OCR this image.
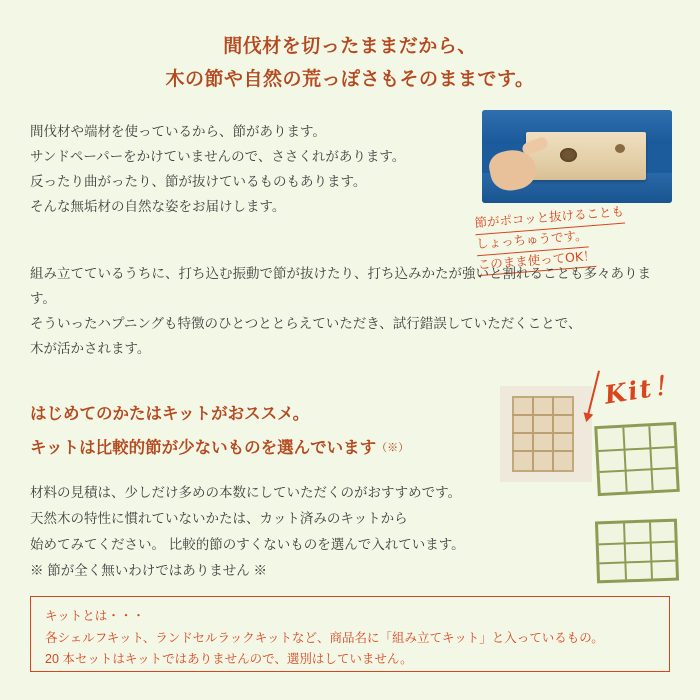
間伐材を切ったままだから、
木の節や自然の荒っぽさもそのままです。
節がポコッと抜けることも しょっちゅうです。 このまま使ってOK！

間伐材や端材を使っているから、節があります。

サンドペーパーをかけていませんので、ささくれがあります。

反ったり曲がったり、節が抜けているものもあります。

そんな無垢材の自然な姿をお届けします。

組み立てているうちに、打ち込む振動で節が抜けたり、打ち込みかたが強いと割れることも多々あります。

そういったハプニングも特徴のひとつととらえていただき、試行錯誤していただくことで、

木が活かされます。

はじめてのかたはキットがおススメ。
キットは比較的節が少ないものを選んでいます（※）

材料の見積は、少しだけ多めの本数にしていただくのがおすすめです。

天然木の特性に慣れていないかたは、カット済みのキットから

始めてみてください。 比較的節のすくないものを選んで入れています。

※ 節が全く無いわけではありません ※

Kit！

キットとは・・・

各シェルフキット、ランドセルラックキットなど、商品名に「組み立てキット」と入っているもの。

20 本セットはキットではありませんので、選別はしていません。
